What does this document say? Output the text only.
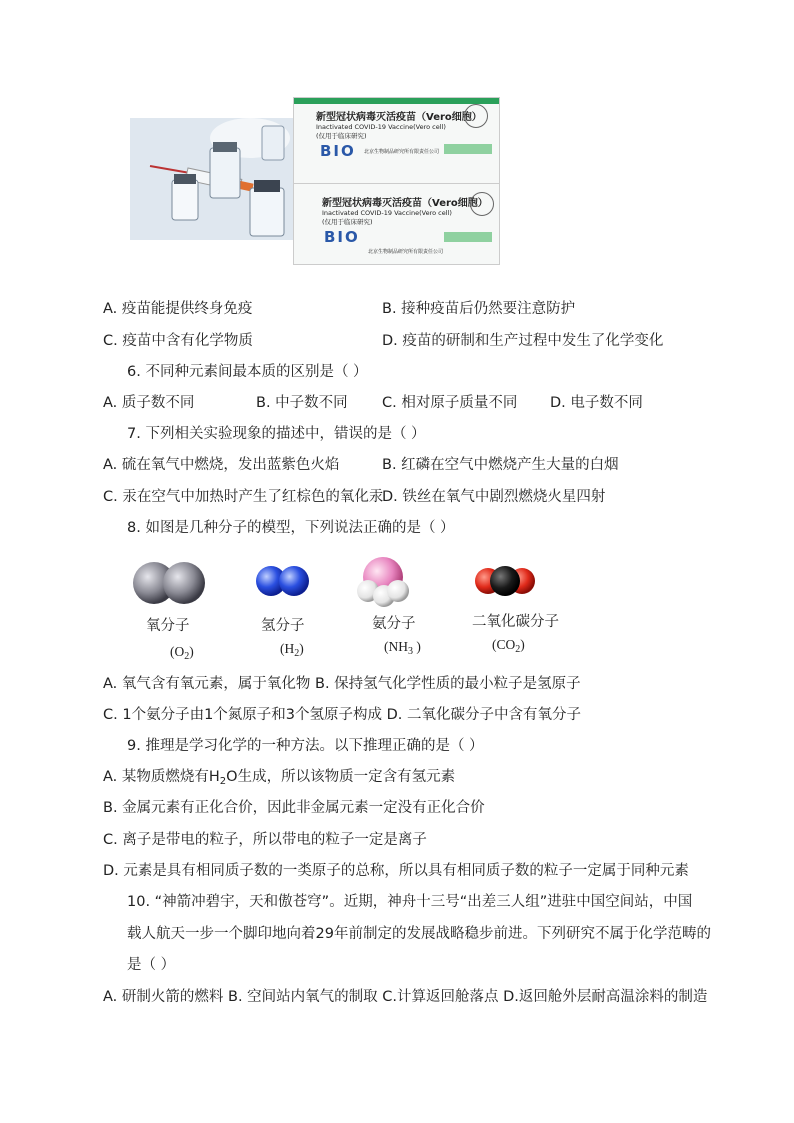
新型冠状病毒灭活疫苗（Vero细胞）
Inactivated COVID-19 Vaccine(Vero cell)
(仅用于临床研究)
BIO 北京生物制品研究所有限责任公司
新型冠状病毒灭活疫苗（Vero细胞）
Inactivated COVID-19 Vaccine(Vero cell)
(仅用于临床研究)
BIO
北京生物制品研究所有限责任公司
A. 疫苗能提供终身免疫	B. 接种疫苗后仍然要注意防护
C. 疫苗中含有化学物质	D. 疫苗的研制和生产过程中发生了化学变化
6. 不同种元素间最本质的区别是（ ）
A. 质子数不同	B. 中子数不同 C. 相对原子质量不同 D. 电子数不同
7. 下列相关实验现象的描述中，错误的是（ ）
A. 硫在氧气中燃烧，发出蓝紫色火焰	B. 红磷在空气中燃烧产生大量的白烟
C. 汞在空气中加热时产生了红棕色的氧化汞
D. 铁丝在氧气中剧烈燃烧火星四射
8. 如图是几种分子的模型，下列说法正确的是（ ）
氧分子	氢分子	氨分子	二氧化碳分子
$(O_2)$	$(H_2)$	($NH_3$ )	$(CO_2)$
A. 氧气含有氧元素，属于氧化物 B. 保持氢气化学性质的最小粒子是氢原子
C. 1个氨分子由1个氮原子和3个氢原子构成 D. 二氧化碳分子中含有氧分子
9. 推理是学习化学的一种方法。以下推理正确的是（ ）
A. 某物质燃烧有$H_2O$生成，所以该物质一定含有氢元素
B. 金属元素有正化合价，因此非金属元素一定没有正化合价
C. 离子是带电的粒子，所以带电的粒子一定是离子
D. 元素是具有相同质子数的一类原子的总称，所以具有相同质子数的粒子一定属于同种元素
10. “神箭冲碧宇，天和傲苍穹”。近期，神舟十三号“出差三人组”进驻中国空间站，中国
载人航天一步一个脚印地向着29年前制定的发展战略稳步前进。下列研究不属于化学范畴的
是（ ）
A. 研制火箭的燃料 B. 空间站内氧气的制取 C.计算返回舱落点 D.返回舱外层耐高温涂料的制造
